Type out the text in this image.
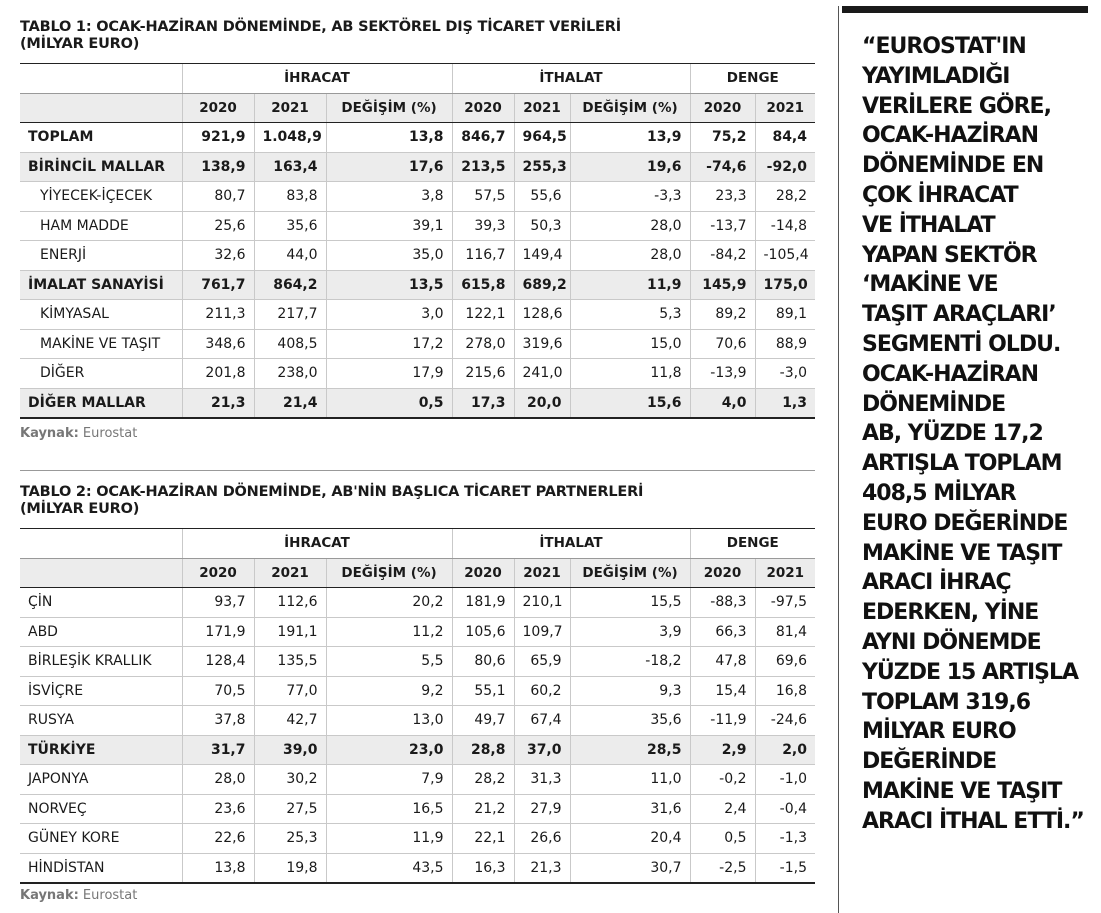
TABLO 1: OCAK-HAZİRAN DÖNEMİNDE, AB SEKTÖREL DIŞ TİCARET VERİLERİ
(MİLYAR EURO)
	İHRACAT			İTHALAT			DENGE	
	2020	2021	DEĞİŞİM (%)	2020	2021	DEĞİŞİM (%)	2020	2021
TOPLAM	921,9	1.048,9	13,8	846,7	964,5	13,9	75,2	84,4
BİRİNCİL MALLAR	138,9	163,4	17,6	213,5	255,3	19,6	-74,6	-92,0
YİYECEK-İÇECEK	80,7	83,8	3,8	57,5	55,6	-3,3	23,3	28,2
HAM MADDE	25,6	35,6	39,1	39,3	50,3	28,0	-13,7	-14,8
ENERJİ	32,6	44,0	35,0	116,7	149,4	28,0	-84,2	-105,4
İMALAT SANAYİSİ	761,7	864,2	13,5	615,8	689,2	11,9	145,9	175,0
KİMYASAL	211,3	217,7	3,0	122,1	128,6	5,3	89,2	89,1
MAKİNE VE TAŞIT	348,6	408,5	17,2	278,0	319,6	15,0	70,6	88,9
DİĞER	201,8	238,0	17,9	215,6	241,0	11,8	-13,9	-3,0
DİĞER MALLAR	21,3	21,4	0,5	17,3	20,0	15,6	4,0	1,3
Kaynak: Eurostat
TABLO 2: OCAK-HAZİRAN DÖNEMİNDE, AB'NİN BAŞLICA TİCARET PARTNERLERİ
(MİLYAR EURO)
	İHRACAT			İTHALAT			DENGE	
	2020	2021	DEĞİŞİM (%)	2020	2021	DEĞİŞİM (%)	2020	2021
ÇİN	93,7	112,6	20,2	181,9	210,1	15,5	-88,3	-97,5
ABD	171,9	191,1	11,2	105,6	109,7	3,9	66,3	81,4
BİRLEŞİK KRALLIK	128,4	135,5	5,5	80,6	65,9	-18,2	47,8	69,6
İSVİÇRE	70,5	77,0	9,2	55,1	60,2	9,3	15,4	16,8
RUSYA	37,8	42,7	13,0	49,7	67,4	35,6	-11,9	-24,6
TÜRKİYE	31,7	39,0	23,0	28,8	37,0	28,5	2,9	2,0
JAPONYA	28,0	30,2	7,9	28,2	31,3	11,0	-0,2	-1,0
NORVEÇ	23,6	27,5	16,5	21,2	27,9	31,6	2,4	-0,4
GÜNEY KORE	22,6	25,3	11,9	22,1	26,6	20,4	0,5	-1,3
HİNDİSTAN	13,8	19,8	43,5	16,3	21,3	30,7	-2,5	-1,5
Kaynak: Eurostat
“EUROSTAT'IN
YAYIMLADIĞI
VERİLERE GÖRE,
OCAK-HAZİRAN
DÖNEMİNDE EN
ÇOK İHRACAT
VE İTHALAT
YAPAN SEKTÖR
‘MAKİNE VE
TAŞIT ARAÇLARI’
SEGMENTİ OLDU.
OCAK-HAZİRAN
DÖNEMİNDE
AB, YÜZDE 17,2
ARTIŞLA TOPLAM
408,5 MİLYAR
EURO DEĞERİNDE
MAKİNE VE TAŞIT
ARACI İHRAÇ
EDERKEN, YİNE
AYNI DÖNEMDE
YÜZDE 15 ARTIŞLA
TOPLAM 319,6
MİLYAR EURO
DEĞERİNDE
MAKİNE VE TAŞIT
ARACI İTHAL ETTİ.”
